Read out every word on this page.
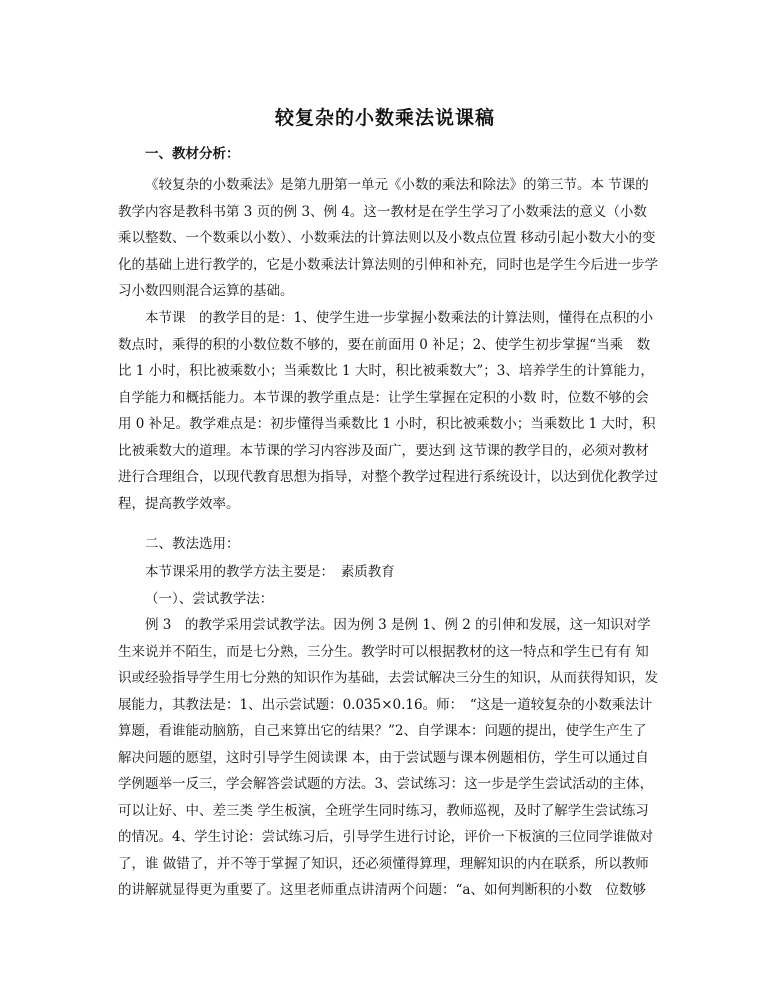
较复杂的小数乘法说课稿
一、教材分析：
《较复杂的小数乘法》是第九册第一单元《小数的乘法和除法》的第三节。本 节课的教学内容是教科书第 3 页的例 3、例 4。这一教材是在学生学习了小数乘法的意义（小数乘以整数、一个数乘以小数）、小数乘法的计算法则以及小数点位置 移动引起小数大小的变化的基础上进行教学的，它是小数乘法计算法则的引伸和补充，同时也是学生今后进一步学习小数四则混合运算的基础。
本节课　的教学目的是：1、使学生进一步掌握小数乘法的计算法则，懂得在点积的小数点时，乘得的积的小数位数不够的，要在前面用 0 补足；2、使学生初步掌握“当乘　数比 1 小时，积比被乘数小；当乘数比 1 大时，积比被乘数大”；3、培养学生的计算能力，自学能力和概括能力。本节课的教学重点是：让学生掌握在定积的小数 时，位数不够的会用 0 补足。教学难点是：初步懂得当乘数比 1 小时，积比被乘数小；当乘数比 1 大时，积比被乘数大的道理。本节课的学习内容涉及面广，要达到 这节课的教学目的，必须对教材进行合理组合，以现代教育思想为指导，对整个教学过程进行系统设计，以达到优化教学过程，提高教学效率。
二、教法选用：
本节课采用的教学方法主要是：　素质教育
（一）、尝试教学法：
例 3　的教学采用尝试教学法。因为例 3 是例 1、例 2 的引伸和发展，这一知识对学生来说并不陌生，而是七分熟，三分生。教学时可以根据教材的这一特点和学生已有有 知识或经验指导学生用七分熟的知识作为基础，去尝试解决三分生的知识，从而获得知识，发展能力，其教法是：1、出示尝试题：0.035×0.16。师：　“这是一道较复杂的小数乘法计算题，看谁能动脑筋，自己来算出它的结果？”2、自学课本：问题的提出，使学生产生了解决问题的愿望，这时引导学生阅读课 本，由于尝试题与课本例题相仿，学生可以通过自学例题举一反三，学会解答尝试题的方法。3、尝试练习：这一步是学生尝试活动的主体，可以让好、中、差三类 学生板演，全班学生同时练习，教师巡视，及时了解学生尝试练习的情况。4、学生讨论：尝试练习后，引导学生进行讨论，评价一下板演的三位同学谁做对了，谁 做错了，并不等于掌握了知识，还必须懂得算理，理解知识的内在联系，所以教师的讲解就显得更为重要了。这里老师重点讲清两个问题：“a、如何判断积的小数　位数够
